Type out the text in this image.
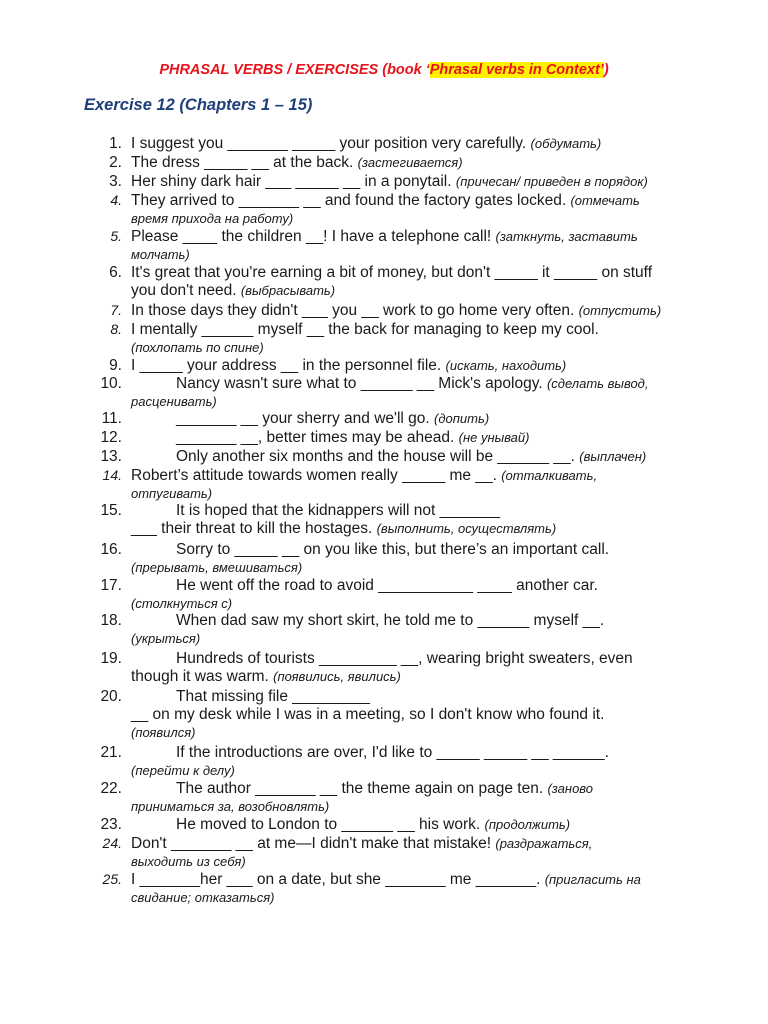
PHRASAL VERBS / EXERCISES (book ‘Phrasal verbs in Context’)
Exercise 12 (Chapters 1 – 15)
1. I suggest you _______ _____ your position very carefully. (обдумать)
2. The dress _____ __ at the back. (застегивается)
3. Her shiny dark hair ___ _____ __ in a ponytail. (причесан/ приведен в порядок)
4. They arrived to _______ __ and found the factory gates locked. (отмечать
время прихода на работу)
5. Please ____ the children __! I have a telephone call! (заткнуть, заставить
молчать)
6. It's great that you're earning a bit of money, but don't _____ it _____ on stuff
you don't need. (выбрасывать)
7. In those days they didn't ___ you __ work to go home very often. (отпустить)
8. I mentally ______ myself __ the back for managing to keep my cool.
(похлопать по спине)
9. I _____ your address __ in the personnel file. (искать, находить)
10.	Nancy wasn't sure what to ______ __ Mick's apology. (сделать вывод,
расценивать)
11.	_______ __ your sherry and we'll go. (допить)
12.	_______ __, better times may be ahead. (не унывай)
13.	Only another six months and the house will be ______ __. (выплачен)
14. Robert’s attitude towards women really _____ me __. (отталкивать,
отпугивать)
15.	It is hoped that the kidnappers will not _______
___ their threat to kill the hostages. (выполнить, осуществлять)
16.	Sorry to _____ __ on you like this, but there’s an important call.
(прерывать, вмешиваться)
17.	He went off the road to avoid ___________ ____ another car.
(столкнуться с)
18.	When dad saw my short skirt, he told me to ______ myself __.
(укрыться)
19.	Hundreds of tourists _________ __, wearing bright sweaters, even
though it was warm. (появились, явились)
20.	That missing file _________
__ on my desk while I was in a meeting, so I don't know who found it.
(появился)
21.	If the introductions are over, I'd like to _____ _____ __ ______.
(перейти к делу)
22.	The author _______ __ the theme again on page ten. (заново
приниматься за, возобновлять)
23.	He moved to London to ______ __ his work. (продолжить)
24. Don't _______ __ at me—I didn't make that mistake! (раздражаться,
выходить из себя)
25. I _______her ___ on a date, but she _______ me _______. (пригласить на
свидание; отказаться)
